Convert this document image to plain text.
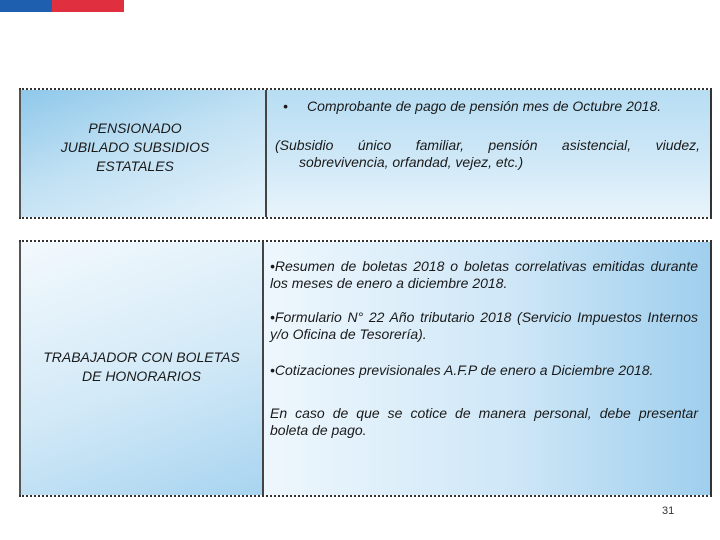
PENSIONADO
JUBILADO SUBSIDIOS
ESTATALES
•	Comprobante de pago de pensión mes de Octubre 2018.
(Subsidio único familiar, pensión asistencial, viudez,
sobrevivencia, orfandad, vejez, etc.)
TRABAJADOR CON BOLETAS
DE HONORARIOS

•Resumen de boletas 2018 o boletas correlativas emitidas durante los meses de enero a diciembre 2018.

•Formulario N° 22 Año tributario 2018 (Servicio Impuestos Internos y/o Oficina de Tesorería).

•Cotizaciones previsionales A.F.P de enero a Diciembre 2018.

En caso de que se cotice de manera personal, debe presentar boleta de pago.

31
